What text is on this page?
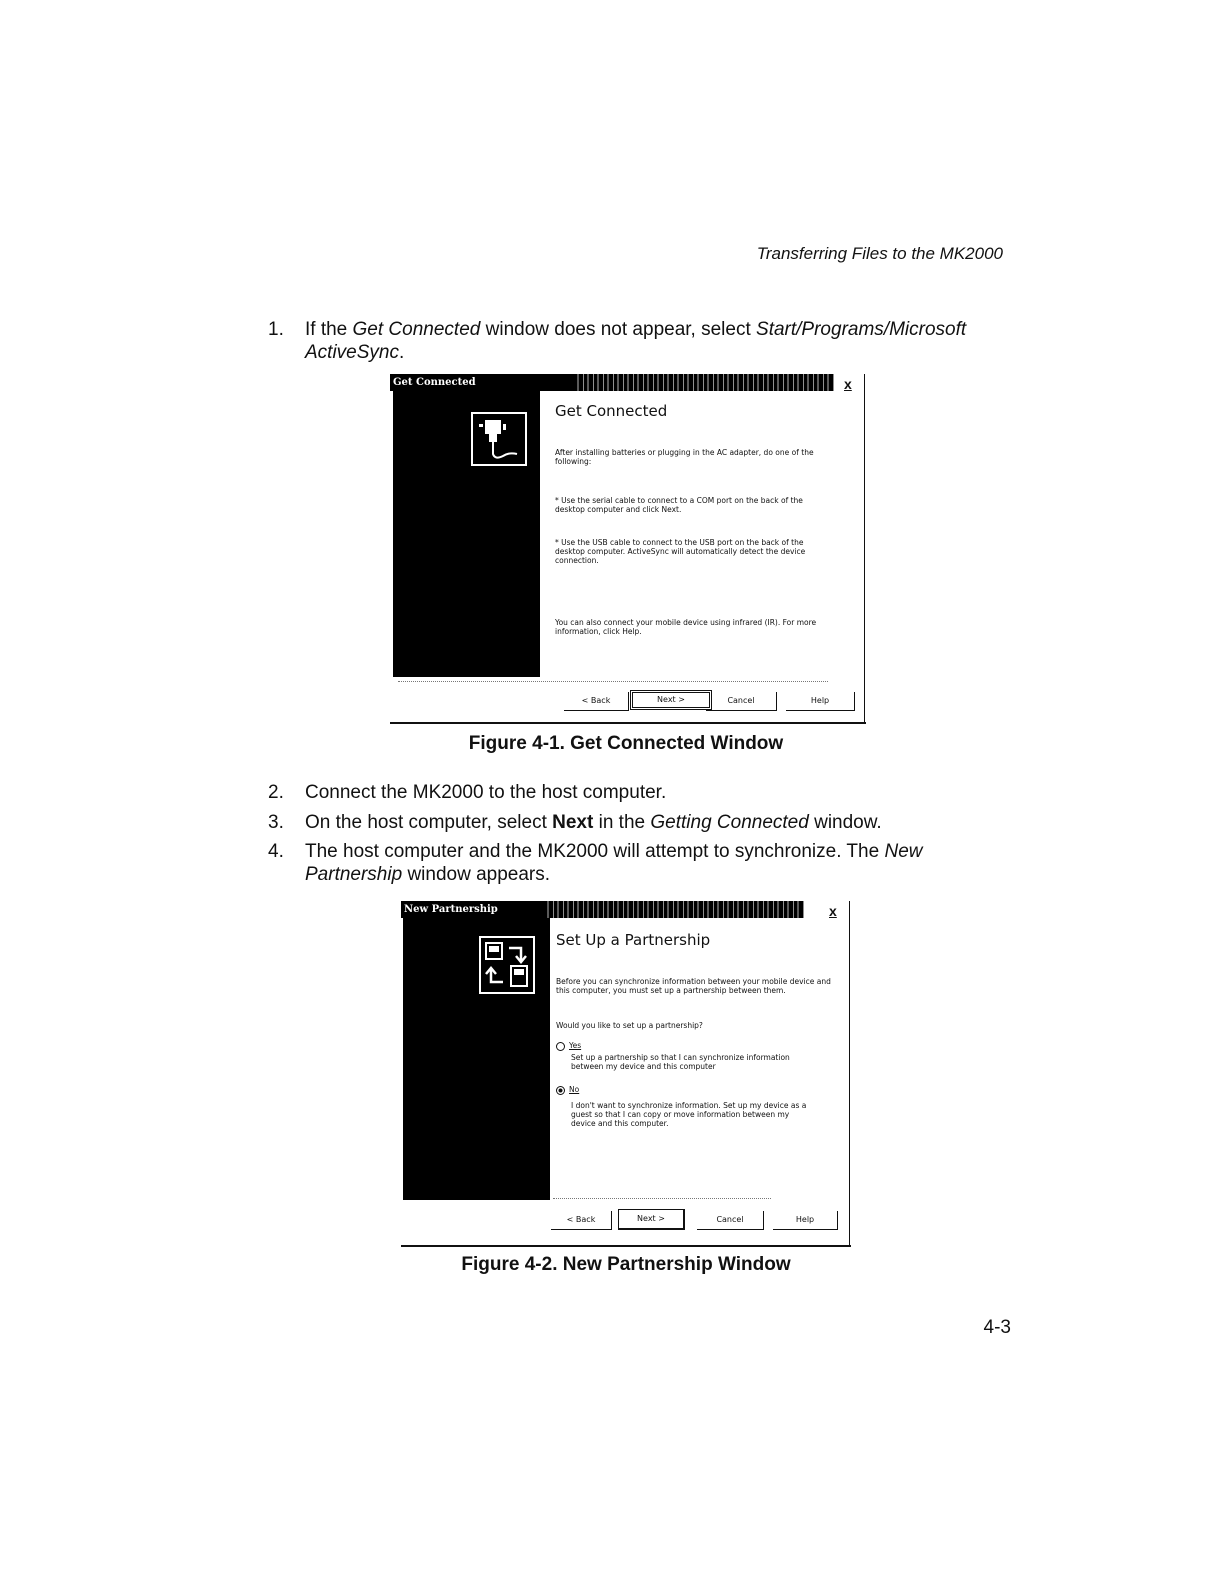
Transferring Files to the MK2000
1.	If the Get Connected window does not appear, select Start/Programs/Microsoft ActiveSync.
Get Connected	x
Get Connected
After installing batteries or plugging in the AC adapter, do one of the following:
* Use the serial cable to connect to a COM port on the back of the desktop computer and click Next.
* Use the USB cable to connect to the USB port on the back of the desktop computer. ActiveSync will automatically detect the device connection.
You can also connect your mobile device using infrared (IR). For more information, click Help.
< Back	Next >	Cancel	Help
Figure 4-1. Get Connected Window
2.	Connect the MK2000 to the host computer.
3.	On the host computer, select Next in the Getting Connected window.
4.	The host computer and the MK2000 will attempt to synchronize. The New Partnership window appears.
New Partnership	x
Set Up a Partnership
Before you can synchronize information between your mobile device and this computer, you must set up a partnership between them.
Would you like to set up a partnership?
Yes
Set up a partnership so that I can synchronize information between my device and this computer
No
I don't want to synchronize information. Set up my device as a guest so that I can copy or move information between my device and this computer.
< Back	Next >	Cancel	Help
Figure 4-2. New Partnership Window
4-3
